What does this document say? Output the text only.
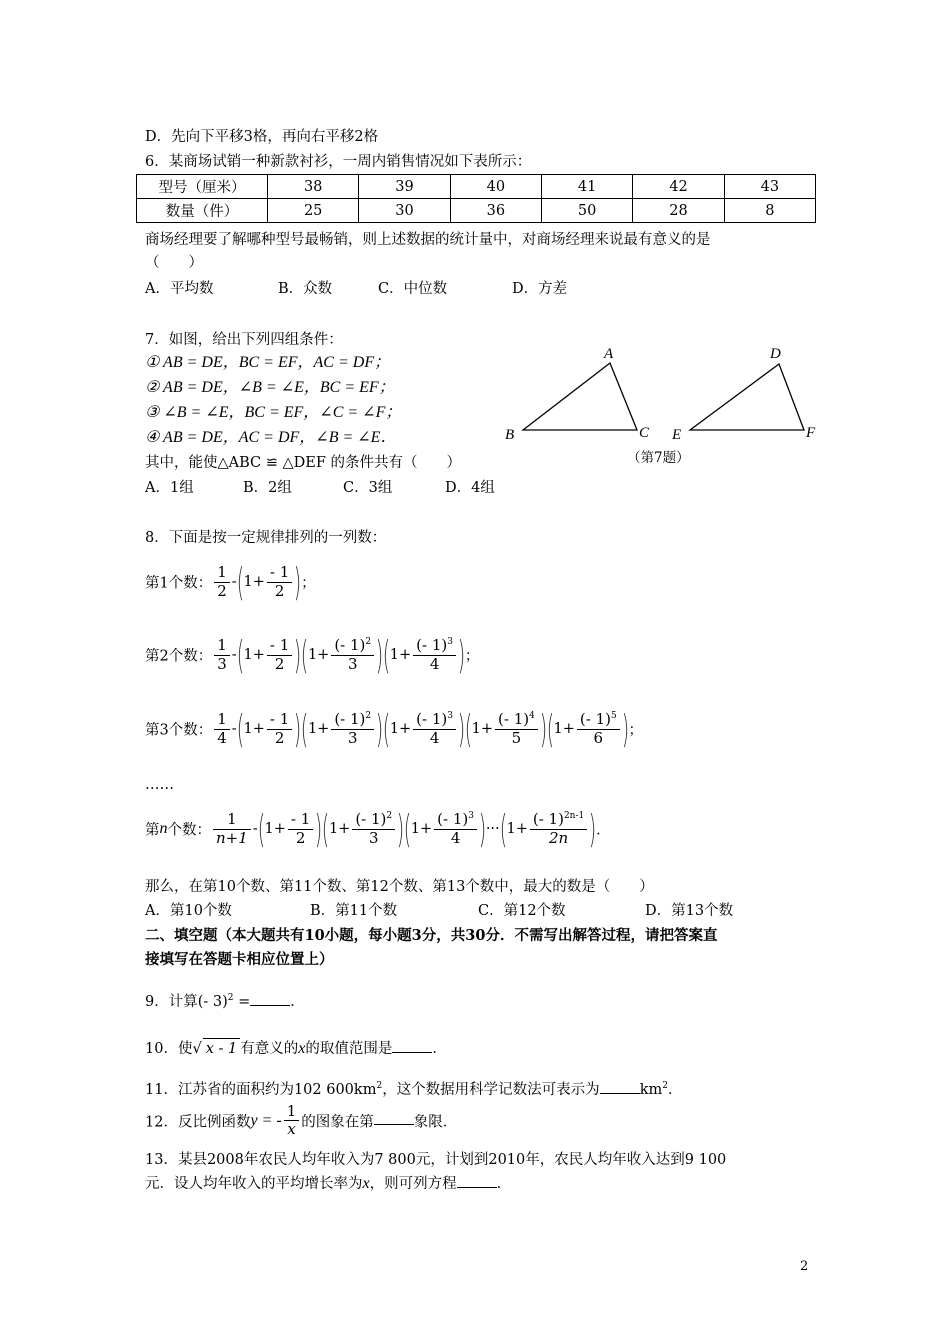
D．先向下平移3格，再向右平移2格
6．某商场试销一种新款衬衫，一周内销售情况如下表所示：
型号（厘米）	38	39	40	41	42	43
数量（件）	25	30	36	50	28	8
商场经理要了解哪种型号最畅销，则上述数据的统计量中，对商场经理来说最有意义的是
（　　）
A．平均数	B．众数	C．中位数	D．方差
7．如图，给出下列四组条件：
① AB = DE，BC = EF，AC = DF；
② AB = DE，∠B = ∠E，BC = EF；
③ ∠B = ∠E，BC = EF，∠C = ∠F；
④ AB = DE，AC = DF，∠B = ∠E．
其中，能使△ABC ≌ △DEF 的条件共有（　　）
A．1组	B．2组	C．3组	D．4组
A
B	C
D
E	F
（第7题）
8．下面是按一定规律排列的一列数：
第1个数： $\frac{1}{2} -(1+ \frac{- 1}{2}$ )；
第2个数： $\frac{1}{3} -(1+ \frac{- 1}{2} )(1+ \frac{(- 1)^2}{3} )(1+ \frac{(- 1)^3}{4}$ )；
第3个数： $\frac{1}{4} -(1+ \frac{- 1}{2} )(1+ \frac{(- 1)^2}{3} )(1+ \frac{(- 1)^3}{4} )(1+ \frac{(- 1)^4}{5} )(1+ \frac{(- 1)^5}{6}$ )；
……
第n个数： $\frac{1}{n+1} -(1+ \frac{- 1}{2} )(1+ \frac{(- 1)^2}{3} )(1+ \frac{(- 1)^3}{4} )\cdot\cdot\cdot(1+ \frac{(- 1)^{2n-1}}{2n}$ )．
那么，在第10个数、第11个数、第12个数、第13个数中，最大的数是（　　）
A．第10个数	B．第11个数	C．第12个数	D．第13个数
二、填空题（本大题共有10小题，每小题3分，共30分．不需写出解答过程，请把答案直
接填写在答题卡相应位置上）
9．计算(- 3)$^2$ =	．
10．使√ x - 1 有意义的x的取值范围是	．
11．江苏省的面积约为102 $600km^2$，这个数据用科学记数法可表示为	$km^2$．
12．反比例函数y = - $\frac{1}{x}$ 的图象在第	象限．
13．某县2008年农民人均年收入为7 800元，计划到2010年，农民人均年收入达到9 100
元．设人均年收入的平均增长率为x，则可列方程	．
2
